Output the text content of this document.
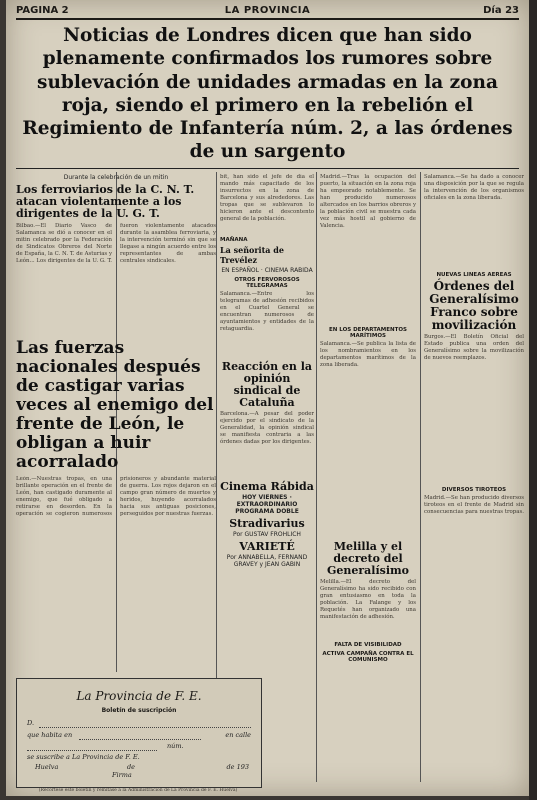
PAGINA 2	LA PROVINCIA	Día 23
Noticias de Londres dicen que han sido plenamente confirmados los rumores sobre sublevación de unidades armadas en la zona roja, siendo el primero en la rebelión el Regimiento de Infantería núm. 2, a las órdenes de un sargento

Durante la celebración de un mitin

Los ferroviarios de la C. N. T. atacan violentamente a los dirigentes de la U. G. T.

Bilbao.—El Diario Vasco de Salamanca se dió a conocer en el mitin celebrado por la Federación de Sindicatos Obreros del Norte de España, la C. N. T. de Asturias y León... Los dirigentes de la U. G. T. fueron violentamente atacados durante la asamblea ferroviaria, y la intervención terminó sin que se llegase a ningún acuerdo entre los representantes de ambas centrales sindicales.

Las fuerzas nacionales después de castigar varias veces al enemigo del frente de León, le obligan a huir acorralado

León.—Nuestras tropas, en una brillante operación en el frente de León, han castigado duramente al enemigo, que fué obligado a retirarse en desorden. En la operación se cogieron numerosos prisioneros y abundante material de guerra. Los rojos dejaron en el campo gran número de muertos y heridos, huyendo acorralados hacia sus antiguas posiciones, perseguidos por nuestras fuerzas.

bit, han sido el jefe de día el mando más capacitado de los insurrectos en la zona de Barcelona y sus alrededores. Las tropas que se sublevaron lo hicieron ante el descontento general de la población.

MAÑANA

La señorita de Trevélez

EN ESPAÑOL · CINEMA RABIDA

OTROS FERVOROSOS TELEGRAMAS

Salamanca.—Entre los telegramas de adhesión recibidos en el Cuartel General se encuentran numerosos de ayuntamientos y entidades de la retaguardia.

Reacción en la opinión sindical de Cataluña

Barcelona.—A pesar del poder ejercido por el sindicato de la Generalidad, la opinión sindical se manifiesta contraria a las órdenes dadas por los dirigentes.

Cinema Rábida

HOY VIERNES · EXTRAORDINARIO PROGRAMA DOBLE

Stradivarius

Por GUSTAV FROHLICH

VARIETÉ

Por ANNABELLA, FERNAND GRAVEY y JEAN GABIN

Madrid.—Tras la ocupación del puerto, la situación en la zona roja ha empeorado notablemente. Se han producido numerosos altercados en los barrios obreros y la población civil se muestra cada vez más hostil al gobierno de Valencia.

EN LOS DEPARTAMENTOS MARÍTIMOS

Salamanca.—Se publica la lista de los nombramientos en los departamentos marítimos de la zona liberada.

Melilla y el decreto del Generalísimo

Melilla.—El decreto del Generalísimo ha sido recibido con gran entusiasmo en toda la población. La Falange y los Requetés han organizado una manifestación de adhesión.

FALTA DE VISIBILIDAD

ACTIVA CAMPAÑA CONTRA EL COMUNISMO

Salamanca.—Se ha dado a conocer una disposición por la que se regula la intervención de los organismos oficiales en la zona liberada.

NUEVAS LINEAS AEREAS

Órdenes del Generalísimo Franco sobre movilización

Burgos.—El Boletín Oficial del Estado publica una orden del Generalísimo sobre la movilización de nuevos reemplazos.

DIVERSOS TIROTEOS

Madrid.—Se han producido diversos tiroteos en el frente de Madrid sin consecuencias para nuestras tropas.

La Provincia de F. E.
Boletín de suscripción
D.
que habita en	en calle
núm.
se suscribe a La Provincia de F. E.
Huelva	de	de 193
Firma
(Recórtese este boletín y remítase a la Administración de La Provincia de F. E. Huelva)
